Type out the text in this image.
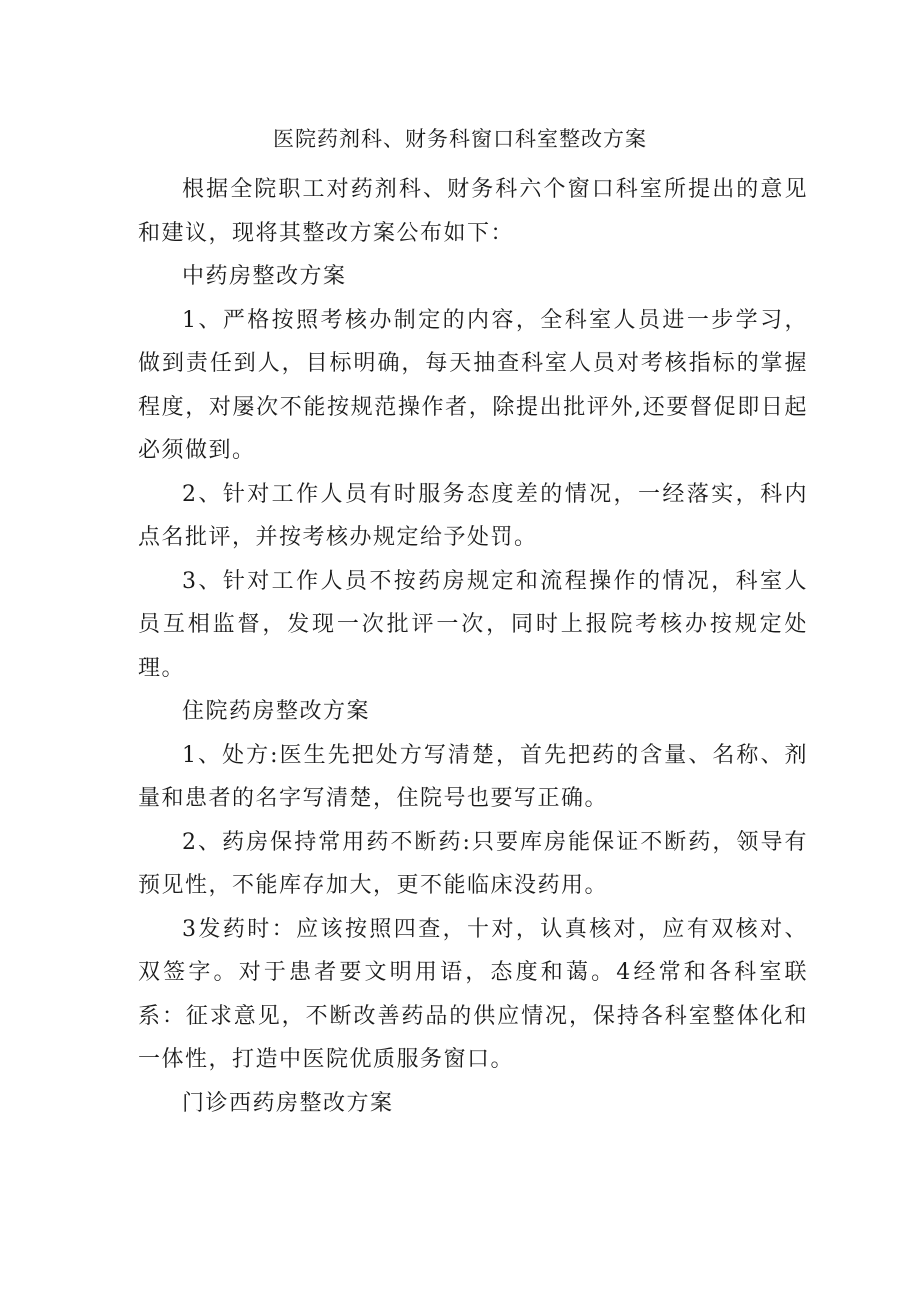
医院药剂科、财务科窗口科室整改方案

根据全院职工对药剂科、财务科六个窗口科室所提出的意见和建议，现将其整改方案公布如下：

中药房整改方案

1、严格按照考核办制定的内容，全科室人员进一步学习，做到责任到人，目标明确，每天抽查科室人员对考核指标的掌握程度，对屡次不能按规范操作者，除提出批评外,还要督促即日起必须做到。

2、针对工作人员有时服务态度差的情况，一经落实，科内点名批评，并按考核办规定给予处罚。

3、针对工作人员不按药房规定和流程操作的情况，科室人员互相监督，发现一次批评一次，同时上报院考核办按规定处理。

住院药房整改方案

1、处方:医生先把处方写清楚，首先把药的含量、名称、剂量和患者的名字写清楚，住院号也要写正确。

2、药房保持常用药不断药:只要库房能保证不断药，领导有预见性，不能库存加大，更不能临床没药用。

3发药时：应该按照四查，十对，认真核对，应有双核对、双签字。对于患者要文明用语，态度和蔼。4经常和各科室联系：征求意见，不断改善药品的供应情况，保持各科室整体化和一体性，打造中医院优质服务窗口。

门诊西药房整改方案
